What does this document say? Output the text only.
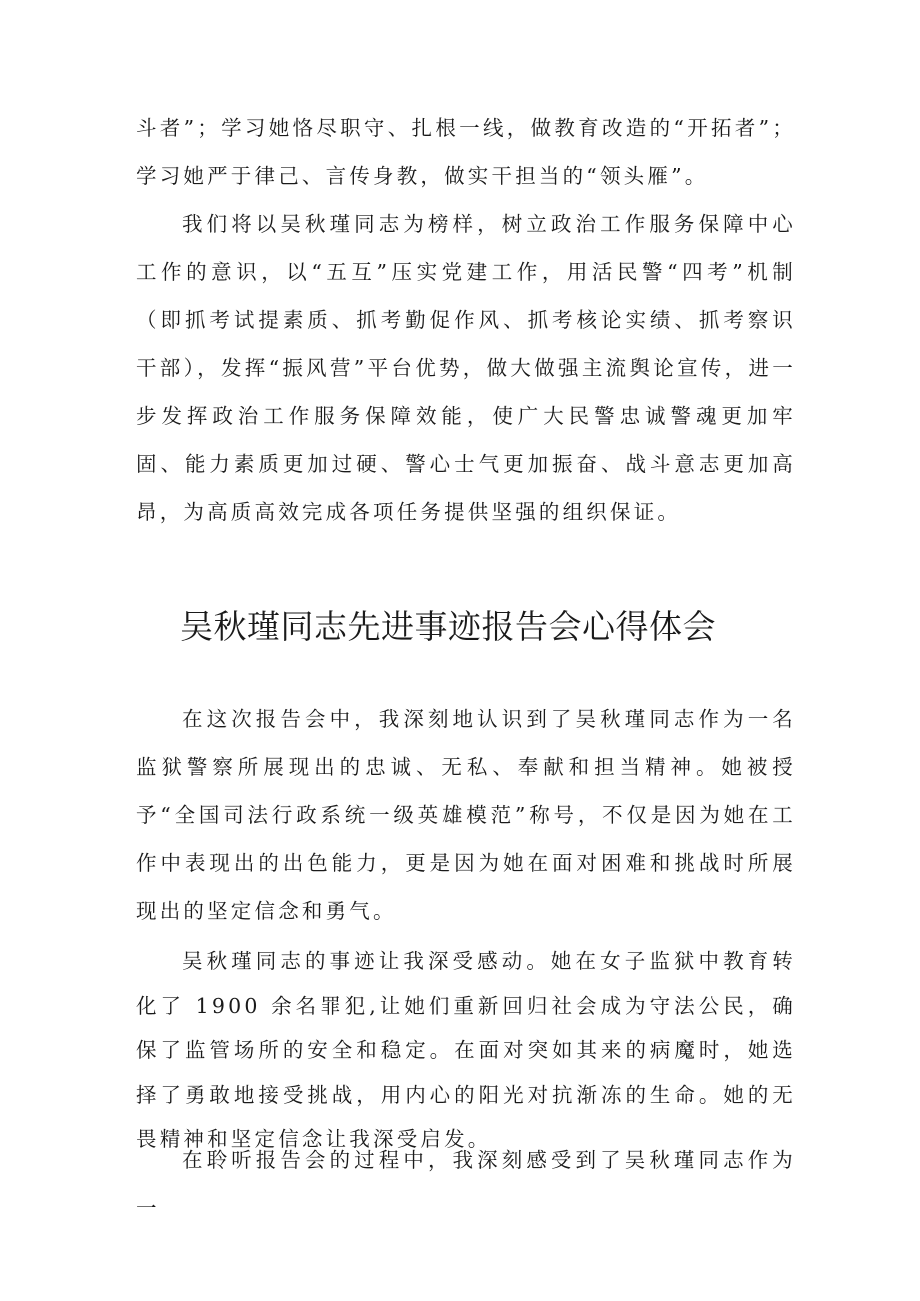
斗者”；学习她恪尽职守、扎根一线，做教育改造的“开拓者”；学习她严于律己、言传身教，做实干担当的“领头雁”。

我们将以吴秋瑾同志为榜样，树立政治工作服务保障中心工作的意识，以“五互”压实党建工作，用活民警“四考”机制（即抓考试提素质、抓考勤促作风、抓考核论实绩、抓考察识干部），发挥“振风营”平台优势，做大做强主流舆论宣传，进一步发挥政治工作服务保障效能，使广大民警忠诚警魂更加牢固、能力素质更加过硬、警心士气更加振奋、战斗意志更加高昂，为高质高效完成各项任务提供坚强的组织保证。

吴秋瑾同志先进事迹报告会心得体会

在这次报告会中，我深刻地认识到了吴秋瑾同志作为一名监狱警察所展现出的忠诚、无私、奉献和担当精神。她被授予“全国司法行政系统一级英雄模范”称号，不仅是因为她在工作中表现出的出色能力，更是因为她在面对困难和挑战时所展现出的坚定信念和勇气。

吴秋瑾同志的事迹让我深受感动。她在女子监狱中教育转化了 1900 余名罪犯,让她们重新回归社会成为守法公民，确保了监管场所的安全和稳定。在面对突如其来的病魔时，她选择了勇敢地接受挑战，用内心的阳光对抗渐冻的生命。她的无畏精神和坚定信念让我深受启发。

在聆听报告会的过程中，我深刻感受到了吴秋瑾同志作为一
